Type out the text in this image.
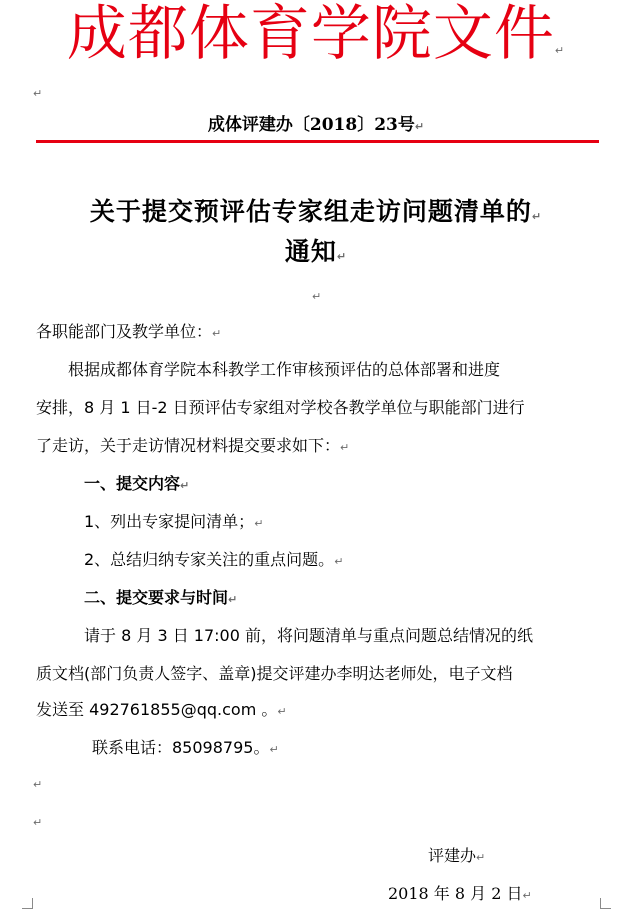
成都体育学院文件↵
↵
成体评建办〔2018〕23号↵
关于提交预评估专家组走访问题清单的↵
通知↵
↵
各职能部门及教学单位：↵
根据成都体育学院本科教学工作审核预评估的总体部署和进度
安排，8 月 1 日-2 日预评估专家组对学校各教学单位与职能部门进行
了走访，关于走访情况材料提交要求如下：↵
一、提交内容↵
1、列出专家提问清单；↵
2、总结归纳专家关注的重点问题。↵
二、提交要求与时间↵
请于 8 月 3 日 17:00 前，将问题清单与重点问题总结情况的纸
质文档(部门负责人签字、盖章)提交评建办李明达老师处，电子文档
发送至 492761855@qq.com 。↵
联系电话：85098795。↵
↵
↵
评建办↵
2018 年 8 月 2 日↵
